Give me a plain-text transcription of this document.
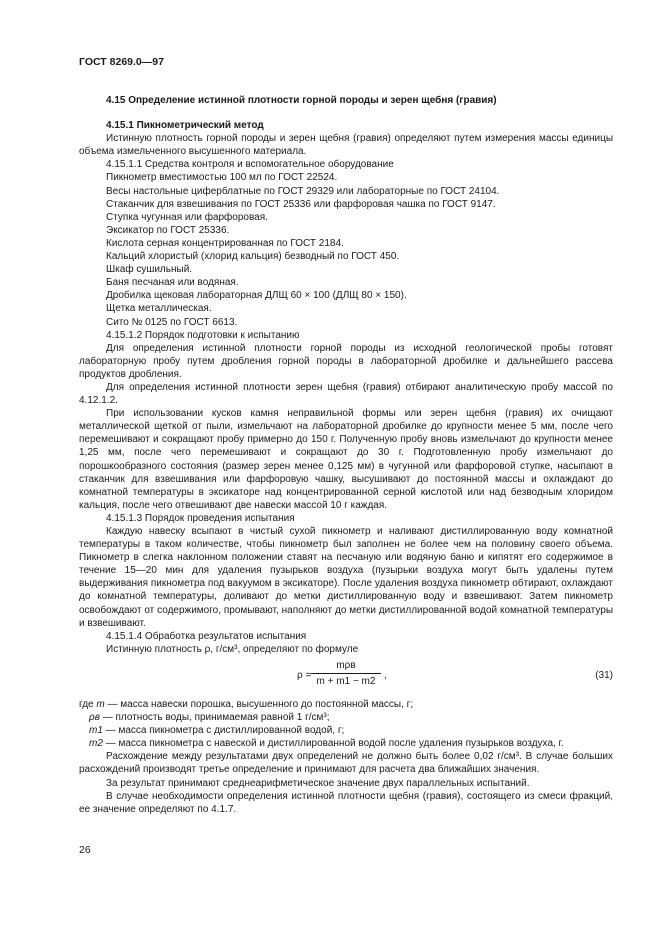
ГОСТ 8269.0—97

4.15 Определение истинной плотности горной породы и зерен щебня (гравия)

4.15.1 Пикнометрический метод

Истинную плотность горной породы и зерен щебня (гравия) определяют путем измерения массы единицы объема измельченного высушенного материала.

4.15.1.1 Средства контроля и вспомогательное оборудование

Пикнометр вместимостью 100 мл по ГОСТ 22524.

Весы настольные циферблатные по ГОСТ 29329 или лабораторные по ГОСТ 24104.

Стаканчик для взвешивания по ГОСТ 25336 или фарфоровая чашка по ГОСТ 9147.

Ступка чугунная или фарфоровая.

Эксикатор по ГОСТ 25336.

Кислота серная концентрированная по ГОСТ 2184.

Кальций хлористый (хлорид кальция) безводный по ГОСТ 450.

Шкаф сушильный.

Баня песчаная или водяная.

Дробилка щековая лабораторная ДЛЩ 60 × 100 (ДЛЩ 80 × 150).

Щетка металлическая.

Сито № 0125 по ГОСТ 6613.

4.15.1.2 Порядок подготовки к испытанию

Для определения истинной плотности горной породы из исходной геологической пробы готовят лабораторную пробу путем дробления горной породы в лабораторной дробилке и дальнейшего рассева продуктов дробления.

Для определения истинной плотности зерен щебня (гравия) отбирают аналитическую пробу массой по 4.12.1.2.

При использовании кусков камня неправильной формы или зерен щебня (гравия) их очищают металлической щеткой от пыли, измельчают на лабораторной дробилке до крупности менее 5 мм, после чего перемешивают и сокращают пробу примерно до 150 г. Полученную пробу вновь измельчают до крупности менее 1,25 мм, после чего перемешивают и сокращают до 30 г. Подготовленную пробу измельчают до порошкообразного состояния (размер зерен менее 0,125 мм) в чугунной или фарфоровой ступке, насыпают в стаканчик для взвешивания или фарфоровую чашку, высушивают до постоянной массы и охлаждают до комнатной температуры в эксикаторе над концентрированной серной кислотой или над безводным хлоридом кальция, после чего отвешивают две навески массой 10 г каждая.

4.15.1.3 Порядок проведения испытания

Каждую навеску всыпают в чистый сухой пикнометр и наливают дистиллированную воду комнатной температуры в таком количестве, чтобы пикнометр был заполнен не более чем на половину своего объема. Пикнометр в слегка наклонном положении ставят на песчаную или водяную баню и кипятят его содержимое в течение 15—20 мин для удаления пузырьков воздуха (пузырьки воздуха могут быть удалены путем выдерживания пикнометра под вакуумом в эксикаторе). После удаления воздуха пикнометр обтирают, охлаждают до комнатной температуры, доливают до метки дистиллированную воду и взвешивают. Затем пикнометр освобождают от содержимого, промывают, наполняют до метки дистиллированной водой комнатной температуры и взвешивают.

4.15.1.4 Обработка результатов испытания

Истинную плотность ρ, г/см³, определяют по формуле

ρ =
mρв
m + m1 − m2
,	(31)

где m — масса навески порошка, высушенного до постоянной массы, г;

ρв — плотность воды, принимаемая равной 1 г/см³;

m1 — масса пикнометра с дистиллированной водой, г;

m2 — масса пикнометра с навеской и дистиллированной водой после удаления пузырьков воздуха, г.

Расхождение между результатами двух определений не должно быть более 0,02 г/см³. В случае больших расхождений производят третье определение и принимают для расчета два ближайших значения.

За результат принимают среднеарифметическое значение двух параллельных испытаний.

В случае необходимости определения истинной плотности щебня (гравия), состоящего из смеси фракций, ее значение определяют по 4.1.7.

26
